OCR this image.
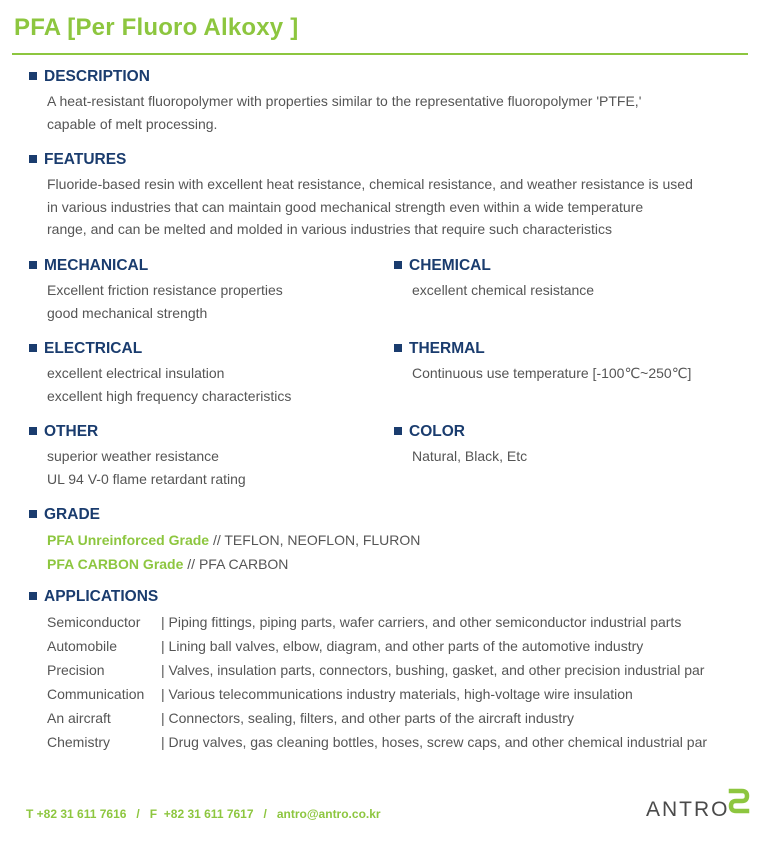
PFA [Per Fluoro Alkoxy ]
DESCRIPTION

A heat-resistant fluoropolymer with properties similar to the representative fluoropolymer 'PTFE,'

capable of melt processing.

FEATURES

Fluoride-based resin with excellent heat resistance, chemical resistance, and weather resistance is used

in various industries that can maintain good mechanical strength even within a wide temperature

range, and can be melted and molded in various industries that require such characteristics

MECHANICAL

Excellent friction resistance properties

good mechanical strength

CHEMICAL

excellent chemical resistance

ELECTRICAL

excellent electrical insulation

excellent high frequency characteristics

THERMAL

Continuous use temperature [-100℃~250℃]

OTHER

superior weather resistance

UL 94 V-0 flame retardant rating

COLOR

Natural, Black, Etc

GRADE

PFA Unreinforced Grade // TEFLON, NEOFLON, FLURON

PFA CARBON Grade // PFA CARBON

APPLICATIONS
Semiconductor	| Piping fittings, piping parts, wafer carriers, and other semiconductor industrial parts
Automobile	| Lining ball valves, elbow, diagram, and other parts of the automotive industry
Precision	| Valves, insulation parts, connectors, bushing, gasket, and other precision industrial par
Communication	| Various telecommunications industry materials, high-voltage wire insulation
An aircraft	| Connectors, sealing, filters, and other parts of the aircraft industry
Chemistry	| Drug valves, gas cleaning bottles, hoses, screw caps, and other chemical industrial par
T +82 31 611 7616   /   F  +82 31 611 7617   /   antro@antro.co.kr	ANTRO
